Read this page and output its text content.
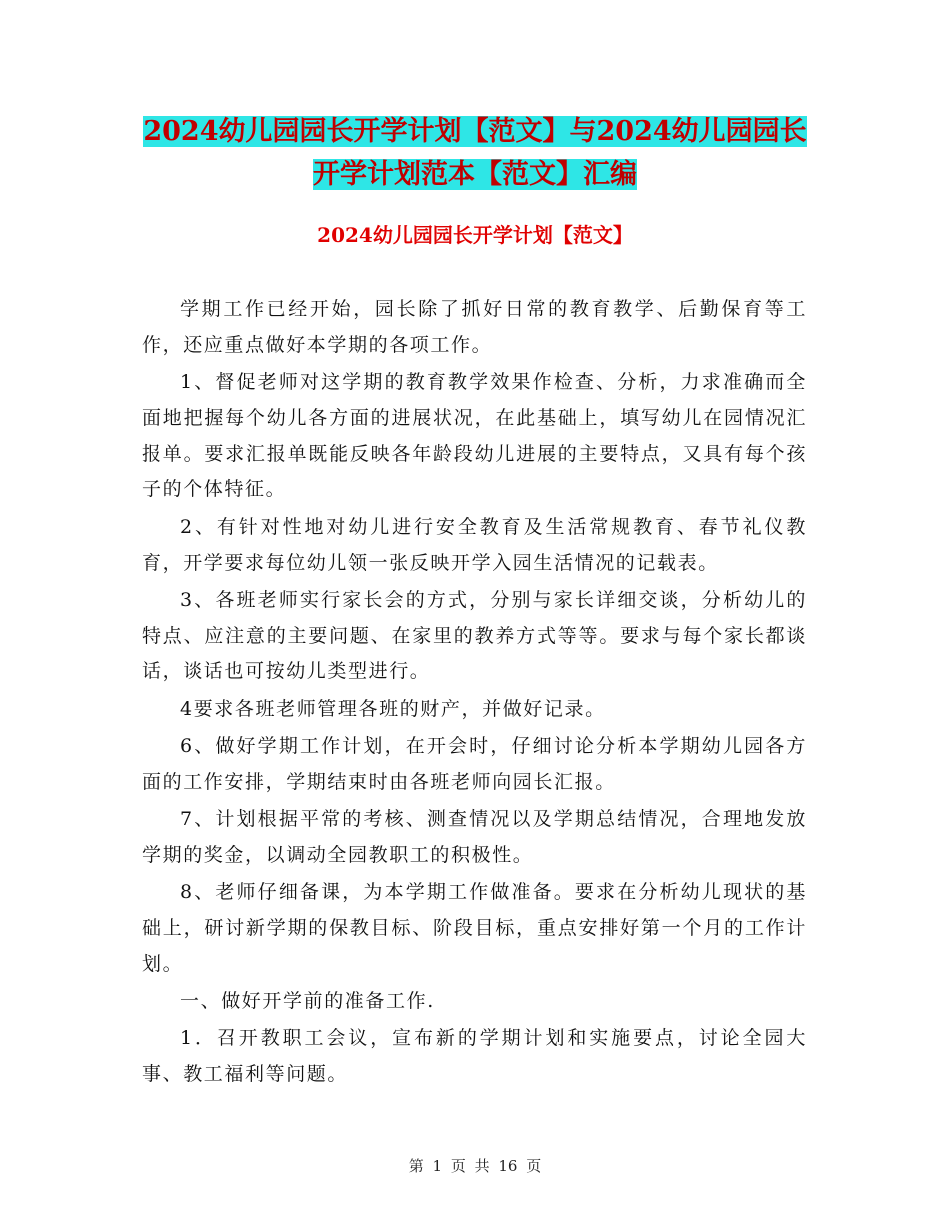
2024幼儿园园长开学计划【范文】与2024幼儿园园长
开学计划范本【范文】汇编
2024幼儿园园长开学计划【范文】

学期工作已经开始，园长除了抓好日常的教育教学、后勤保育等工作，还应重点做好本学期的各项工作。

1、督促老师对这学期的教育教学效果作检查、分析，力求准确而全面地把握每个幼儿各方面的进展状况，在此基础上，填写幼儿在园情况汇报单。要求汇报单既能反映各年龄段幼儿进展的主要特点，又具有每个孩子的个体特征。

2、有针对性地对幼儿进行安全教育及生活常规教育、春节礼仪教育，开学要求每位幼儿领一张反映开学入园生活情况的记载表。

3、各班老师实行家长会的方式，分别与家长详细交谈，分析幼儿的特点、应注意的主要问题、在家里的教养方式等等。要求与每个家长都谈话，谈话也可按幼儿类型进行。

4要求各班老师管理各班的财产，并做好记录。

6、做好学期工作计划，在开会时，仔细讨论分析本学期幼儿园各方面的工作安排，学期结束时由各班老师向园长汇报。

7、计划根据平常的考核、测查情况以及学期总结情况，合理地发放学期的奖金，以调动全园教职工的积极性。

8、老师仔细备课，为本学期工作做准备。要求在分析幼儿现状的基础上，研讨新学期的保教目标、阶段目标，重点安排好第一个月的工作计划。

一、做好开学前的准备工作.

1．召开教职工会议，宣布新的学期计划和实施要点，讨论全园大事、教工福利等问题。

第 1 页 共 16 页
